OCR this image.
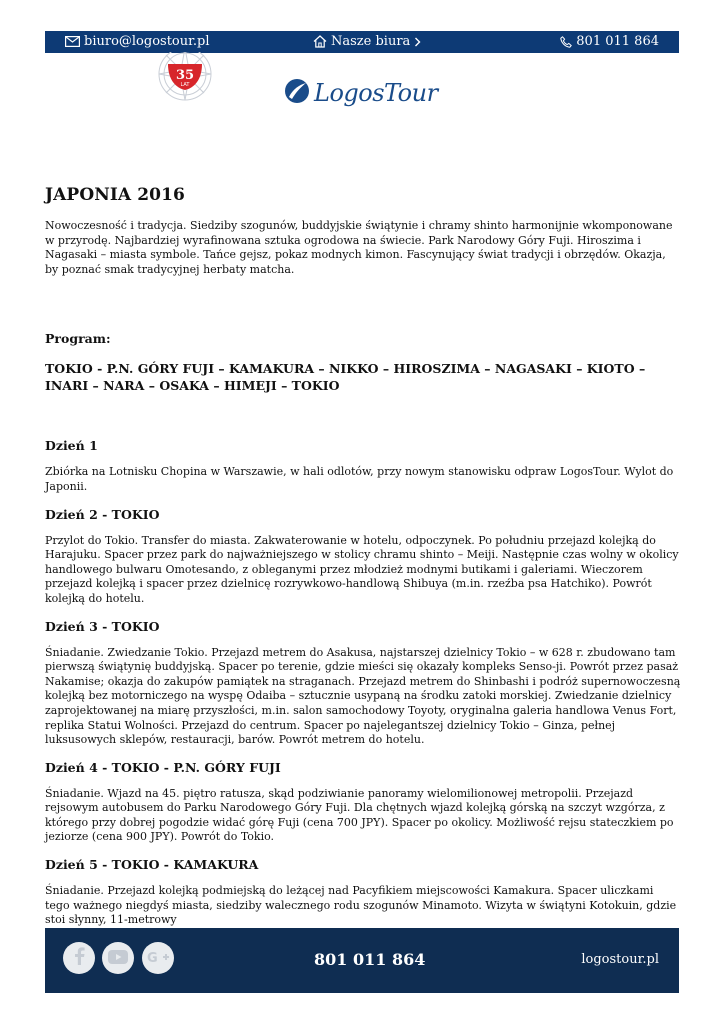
biuro@logostour.pl	Nasze biura	801 011 864
35
LAT	LogosTour
JAPONIA 2016

Nowoczesność i tradycja. Siedziby szogunów, buddyjskie świątynie i chramy shinto harmonijnie wkomponowane w przyrodę. Najbardziej wyrafinowana sztuka ogrodowa na świecie. Park Narodowy Góry Fuji. Hiroszima i Nagasaki – miasta symbole. Tańce gejsz, pokaz modnych kimon. Fascynujący świat tradycji i obrzędów. Okazja, by poznać smak tradycyjnej herbaty matcha.

Program:
TOKIO - P.N. GÓRY FUJI – KAMAKURA – NIKKO – HIROSZIMA – NAGASAKI – KIOTO – INARI – NARA – OSAKA – HIMEJI – TOKIO
Dzień 1

Zbiórka na Lotnisku Chopina w Warszawie, w hali odlotów, przy nowym stanowisku odpraw LogosTour. Wylot do Japonii.

Dzień 2 - TOKIO

Przylot do Tokio. Transfer do miasta. Zakwaterowanie w hotelu, odpoczynek. Po południu przejazd kolejką do Harajuku. Spacer przez park do najważniejszego w stolicy chramu shinto – Meiji. Następnie czas wolny w okolicy handlowego bulwaru Omotesando, z obleganymi przez młodzież modnymi butikami i galeriami. Wieczorem przejazd kolejką i spacer przez dzielnicę rozrywkowo-handlową Shibuya (m.in. rzeźba psa Hatchiko). Powrót kolejką do hotelu.

Dzień 3 - TOKIO

Śniadanie. Zwiedzanie Tokio. Przejazd metrem do Asakusa, najstarszej dzielnicy Tokio – w 628 r. zbudowano tam pierwszą świątynię buddyjską. Spacer po terenie, gdzie mieści się okazały kompleks Senso-ji. Powrót przez pasaż Nakamise; okazja do zakupów pamiątek na straganach. Przejazd metrem do Shinbashi i podróż supernowoczesną kolejką bez motorniczego na wyspę Odaiba – sztucznie usypaną na środku zatoki morskiej. Zwiedzanie dzielnicy zaprojektowanej na miarę przyszłości, m.in. salon samochodowy Toyoty, oryginalna galeria handlowa Venus Fort, replika Statui Wolności. Przejazd do centrum. Spacer po najelegantszej dzielnicy Tokio – Ginza, pełnej luksusowych sklepów, restauracji, barów. Powrót metrem do hotelu.

Dzień 4 - TOKIO - P.N. GÓRY FUJI

Śniadanie. Wjazd na 45. piętro ratusza, skąd podziwianie panoramy wielomilionowej metropolii. Przejazd rejsowym autobusem do Parku Narodowego Góry Fuji. Dla chętnych wjazd kolejką górską na szczyt wzgórza, z którego przy dobrej pogodzie widać górę Fuji (cena 700 JPY). Spacer po okolicy. Możliwość rejsu stateczkiem po jeziorze (cena 900 JPY). Powrót do Tokio.

Dzień 5 - TOKIO - KAMAKURA

Śniadanie. Przejazd kolejką podmiejską do leżącej nad Pacyfikiem miejscowości Kamakura. Spacer uliczkami tego ważnego niegdyś miasta, siedziby walecznego rodu szogunów Minamoto. Wizyta w świątyni Kotokuin, gdzie stoi słynny, 11-metrowy

G	801 011 864	logostour.pl
